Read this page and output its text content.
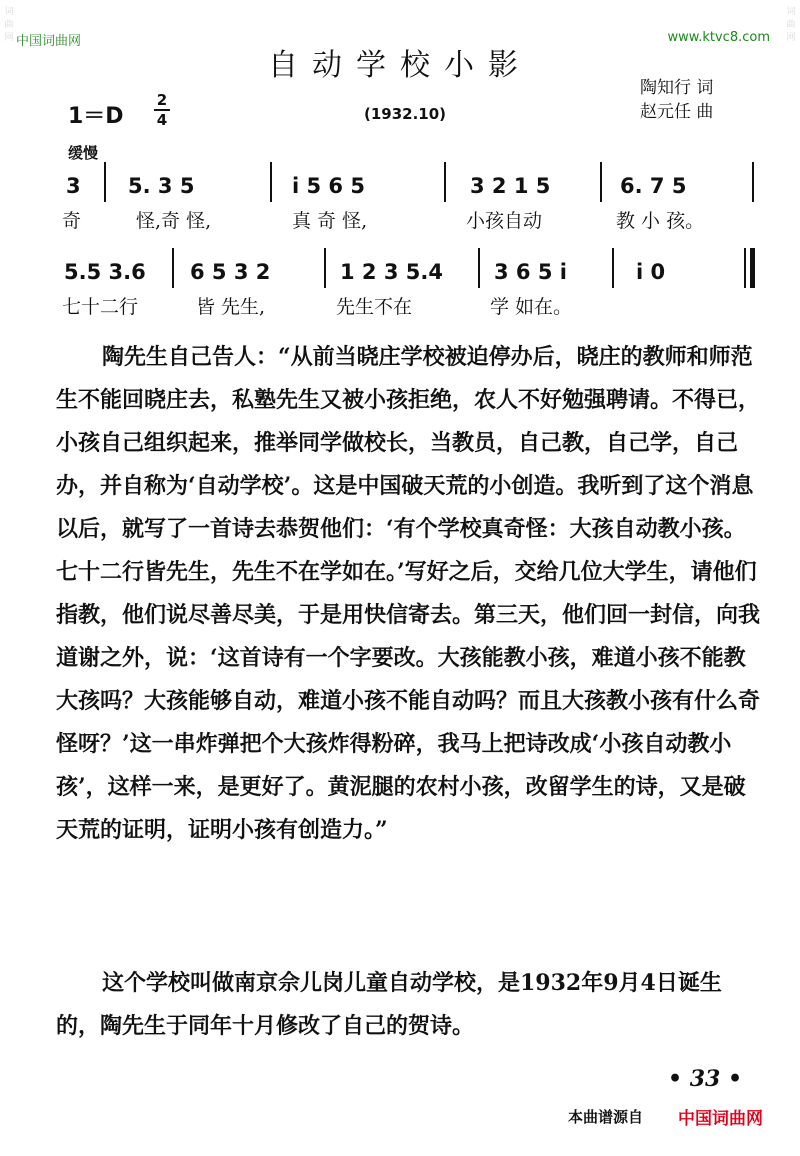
词曲网
词曲网
中国词曲网	www.ktvc8.com
自动学校小影
陶知行 词
赵元任 曲
1＝D
2
4	(1932.10)
缓慢
3 5. 3 5	i 5 6 5	3 2 1 5	6. 7 5
奇	怪,奇 怪,	真 奇 怪,	小孩自动	教 小 孩。
5.5 3.6 6 5 3 2	1 2 3 5.4 3 6 5 i	i 0
七十二行	皆 先生,	先生不在	学 如在。
陶先生自己告人：“从前当晓庄学校被迫停办后，晓庄的教师和师范生不能回晓庄去，私塾先生又被小孩拒绝，农人不好勉强聘请。不得已，小孩自己组织起来，推举同学做校长，当教员，自己教，自己学，自己办，并自称为‘自动学校’。这是中国破天荒的小创造。我听到了这个消息以后，就写了一首诗去恭贺他们：‘有个学校真奇怪：大孩自动教小孩。七十二行皆先生，先生不在学如在。’写好之后，交给几位大学生，请他们指教，他们说尽善尽美，于是用快信寄去。第三天，他们回一封信，向我道谢之外，说：‘这首诗有一个字要改。大孩能教小孩，难道小孩不能教大孩吗？大孩能够自动，难道小孩不能自动吗？而且大孩教小孩有什么奇怪呀？’这一串炸弹把个大孩炸得粉碎，我马上把诗改成‘小孩自动教小孩’，这样一来，是更好了。黄泥腿的农村小孩，改留学生的诗，又是破天荒的证明，证明小孩有创造力。”
这个学校叫做南京佘儿岗儿童自动学校，是1932年9月4日诞生的，陶先生于同年十月修改了自己的贺诗。
• 33 •
本曲谱源自 中国词曲网
